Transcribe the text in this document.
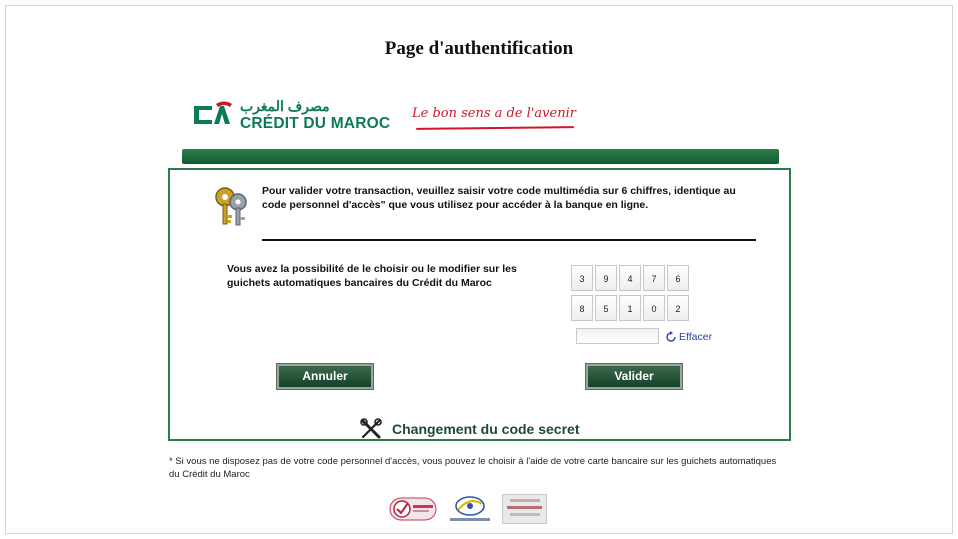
Page d'authentification
مصرف المغرب
CRÉDIT DU MAROC
Le bon sens a de l'avenir
Pour valider votre transaction, veuillez saisir votre code multimédia sur 6 chiffres, identique au code personnel d'accès" que vous utilisez pour accéder à la banque en ligne.
Vous avez la possibilité de le choisir ou le modifier sur les guichets automatiques bancaires du Crédit du Maroc	3	9	4	7	6
8	5	1	0	2
Effacer
Annuler	Valider
Changement du code secret
* Si vous ne disposez pas de votre code personnel d'accès, vous pouvez le choisir à l'aide de votre carte bancaire sur les guichets automatiques du Crédit du Maroc
